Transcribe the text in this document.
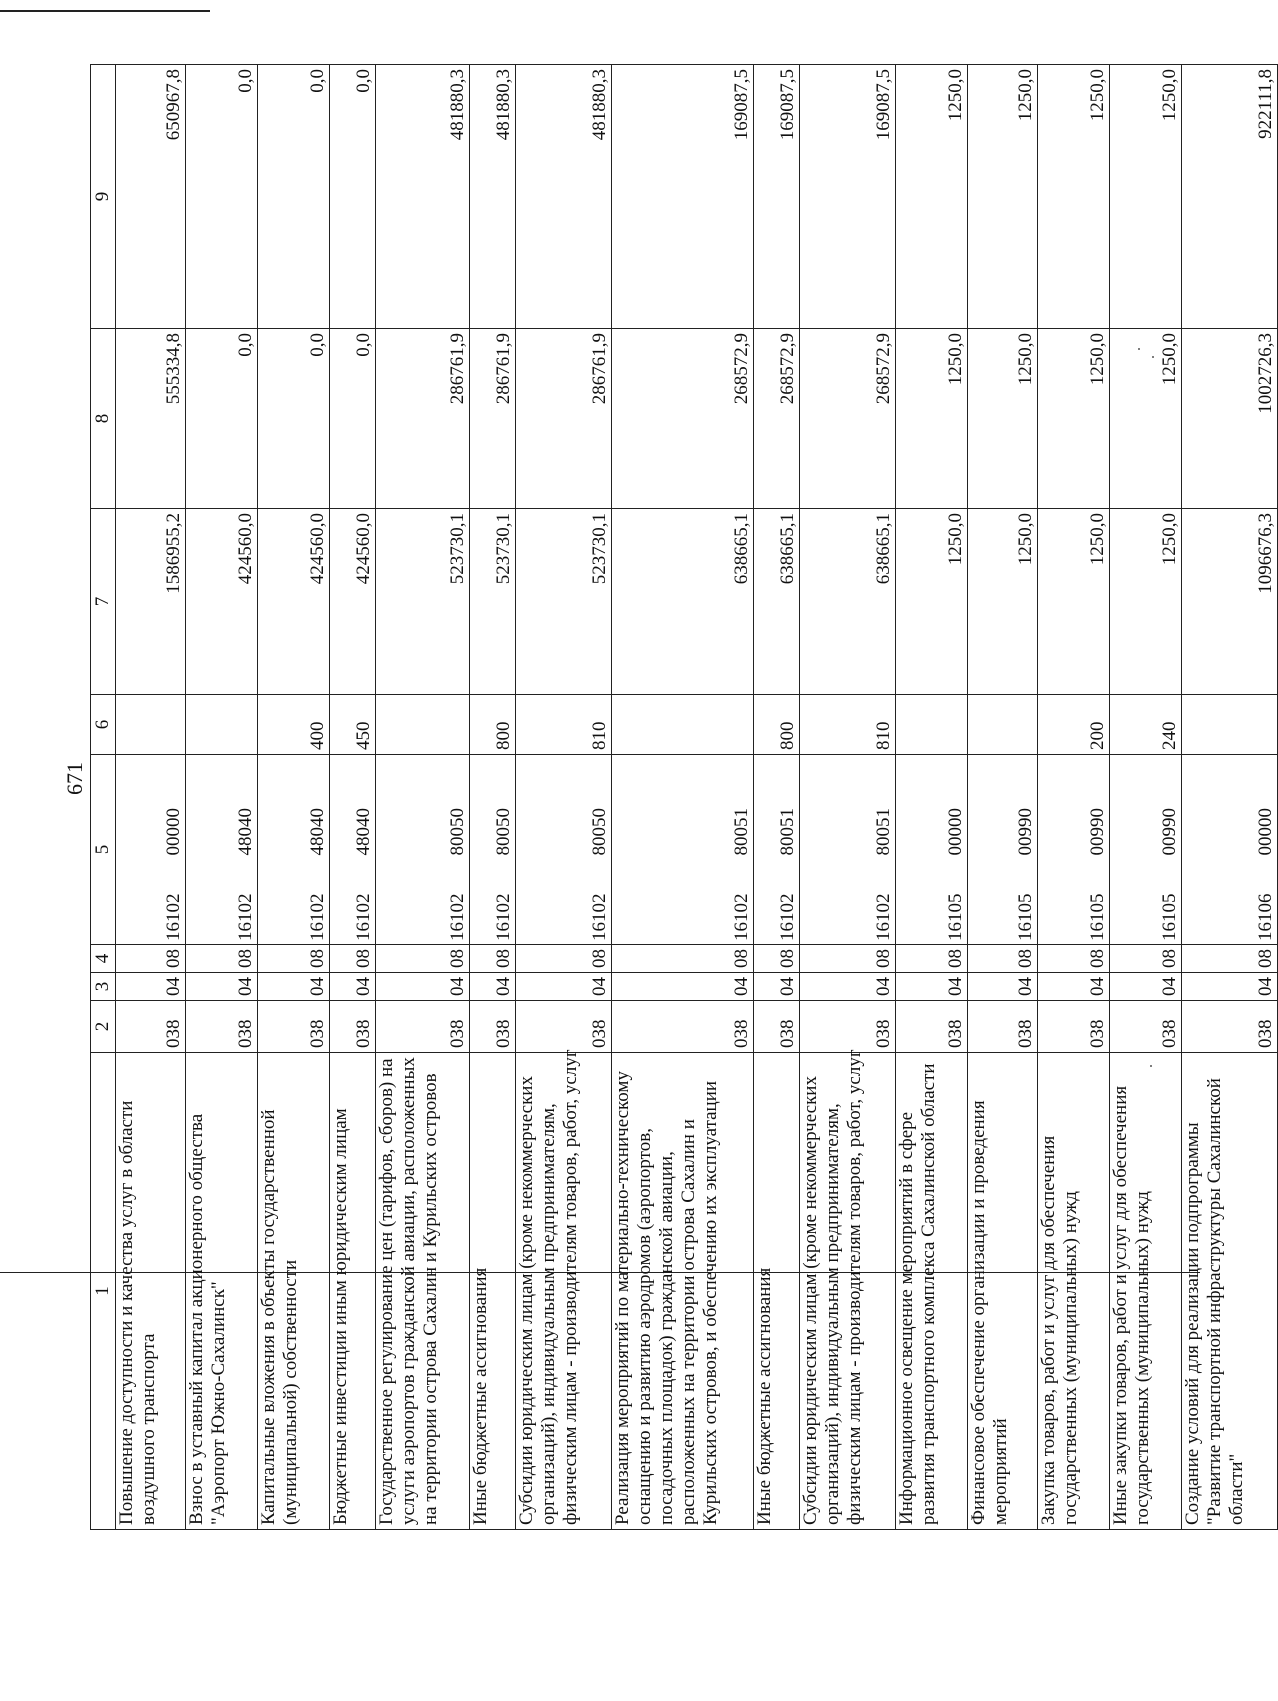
671
1	2	3	4	5	6	7	8	9

Повышение доступности и качества услуг в области воздушного транспорта	038	04	08	1610200000		1586955,2	555334,8	650967,8

Взнос в уставный капитал акционерного общества "Аэропорт Южно-Сахалинск"	038	04	08	1610248040		424560,0	0,0	0,0

Капитальные вложения в объекты государственной (муниципальной) собственности	038	04	08	1610248040	400	424560,0	0,0	0,0

Бюджетные инвестиции иным юридическим лицам	038	04	08	1610248040	450	424560,0	0,0	0,0

Государственное регулирование цен (тарифов, сборов) на услуги аэропортов гражданской авиации, расположенных на территории острова Сахалин и Курильских островов	038	04	08	1610280050		523730,1	286761,9	481880,3

Иные бюджетные ассигнования	038	04	08	1610280050	800	523730,1	286761,9	481880,3

Субсидии юридическим лицам (кроме некоммерческих организаций), индивидуальным предпринимателям, физическим лицам - производителям товаров, работ, услуг	038	04	08	1610280050	810	523730,1	286761,9	481880,3

Реализация мероприятий по материально-техническому оснащению и развитию аэродромов (аэропортов, посадочных площадок) гражданской авиации, расположенных на территории острова Сахалин и Курильских островов, и обеспечению их эксплуатации	038	04	08	1610280051		638665,1	268572,9	169087,5

Иные бюджетные ассигнования	038	04	08	1610280051	800	638665,1	268572,9	169087,5

Субсидии юридическим лицам (кроме некоммерческих организаций), индивидуальным предпринимателям, физическим лицам - производителям товаров, работ, услуг	038	04	08	1610280051	810	638665,1	268572,9	169087,5

Информационное освещение мероприятий в сфере развития транспортного комплекса Сахалинской области	038	04	08	1610500000		1250,0	1250,0	1250,0

Финансовое обеспечение организации и проведения мероприятий	038	04	08	1610500990		1250,0	1250,0	1250,0

Закупка товаров, работ и услуг для обеспечения государственных (муниципальных) нужд	038	04	08	1610500990	200	1250,0	1250,0	1250,0

Иные закупки товаров, работ и услуг для обеспечения государственных (муниципальных) нужд	038	04	08	1610500990	240	1250,0	1250,0	1250,0

Создание условий для реализации подпрограммы "Развитие транспортной инфраструктуры Сахалинской области"	038	04	08	1610600000		1096676,3	1002726,3	922111,8
